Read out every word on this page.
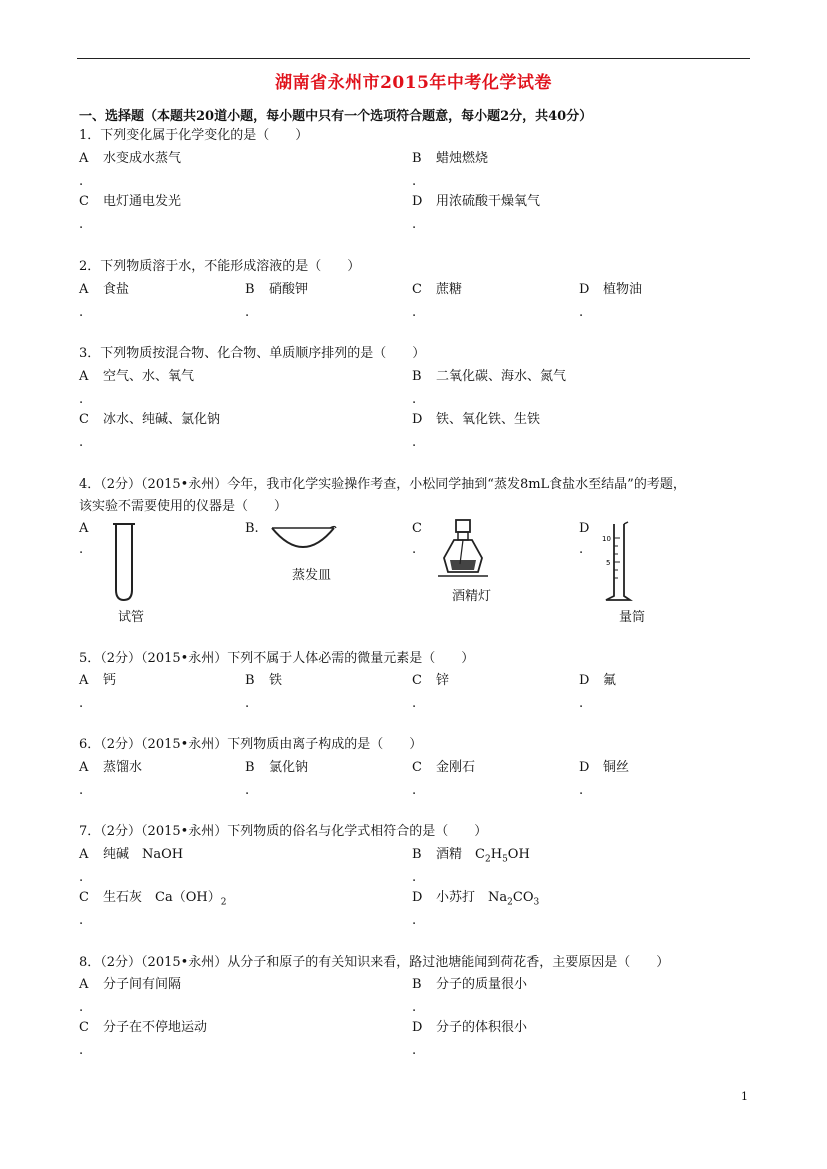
湖南省永州市2015年中考化学试卷
一、选择题（本题共20道小题，每小题中只有一个选项符合题意，每小题2分，共40分）
1．下列变化属于化学变化的是（　　）
A 水变成水蒸气
.
B 蜡烛燃烧
.
C 电灯通电发光
.
D 用浓硫酸干燥氧气
.
2．下列物质溶于水，不能形成溶液的是（　　）
A 食盐
.
B 硝酸钾
.
C 蔗糖
.
D 植物油
.
3．下列物质按混合物、化合物、单质顺序排列的是（　　）
A 空气、水、氧气
.
B 二氧化碳、海水、氮气
.
C 冰水、纯碱、氯化钠
.
D 铁、氧化铁、生铁
.
4．（2分）（2015•永州）今年，我市化学实验操作考查，小松同学抽到“蒸发8mL食盐水至结晶”的考题，
该实验不需要使用的仪器是（　　）
A
.
试管
B.
蒸发皿
C
.
酒精灯
D
.
10
5
量筒
5．（2分）（2015•永州）下列不属于人体必需的微量元素是（　　）
A 钙
.
B 铁
.
C 锌
.
D 氟
.
6．（2分）（2015•永州）下列物质由离子构成的是（　　）
A 蒸馏水
.
B 氯化钠
.
C 金刚石
.
D 铜丝
.
7．（2分）（2015•永州）下列物质的俗名与化学式相符合的是（　　）
A 纯碱　NaOH
.
B 酒精　 $C_2H_5OH$
.
C 生石灰　$Ca(OH)_2$
.
D 小苏打　 $Na_2CO_3$
.
8．（2分）（2015•永州）从分子和原子的有关知识来看，路过池塘能闻到荷花香，主要原因是（　　）
A 分子间有间隔
.
B 分子的质量很小
.
C 分子在不停地运动
.
D 分子的体积很小
.
1
